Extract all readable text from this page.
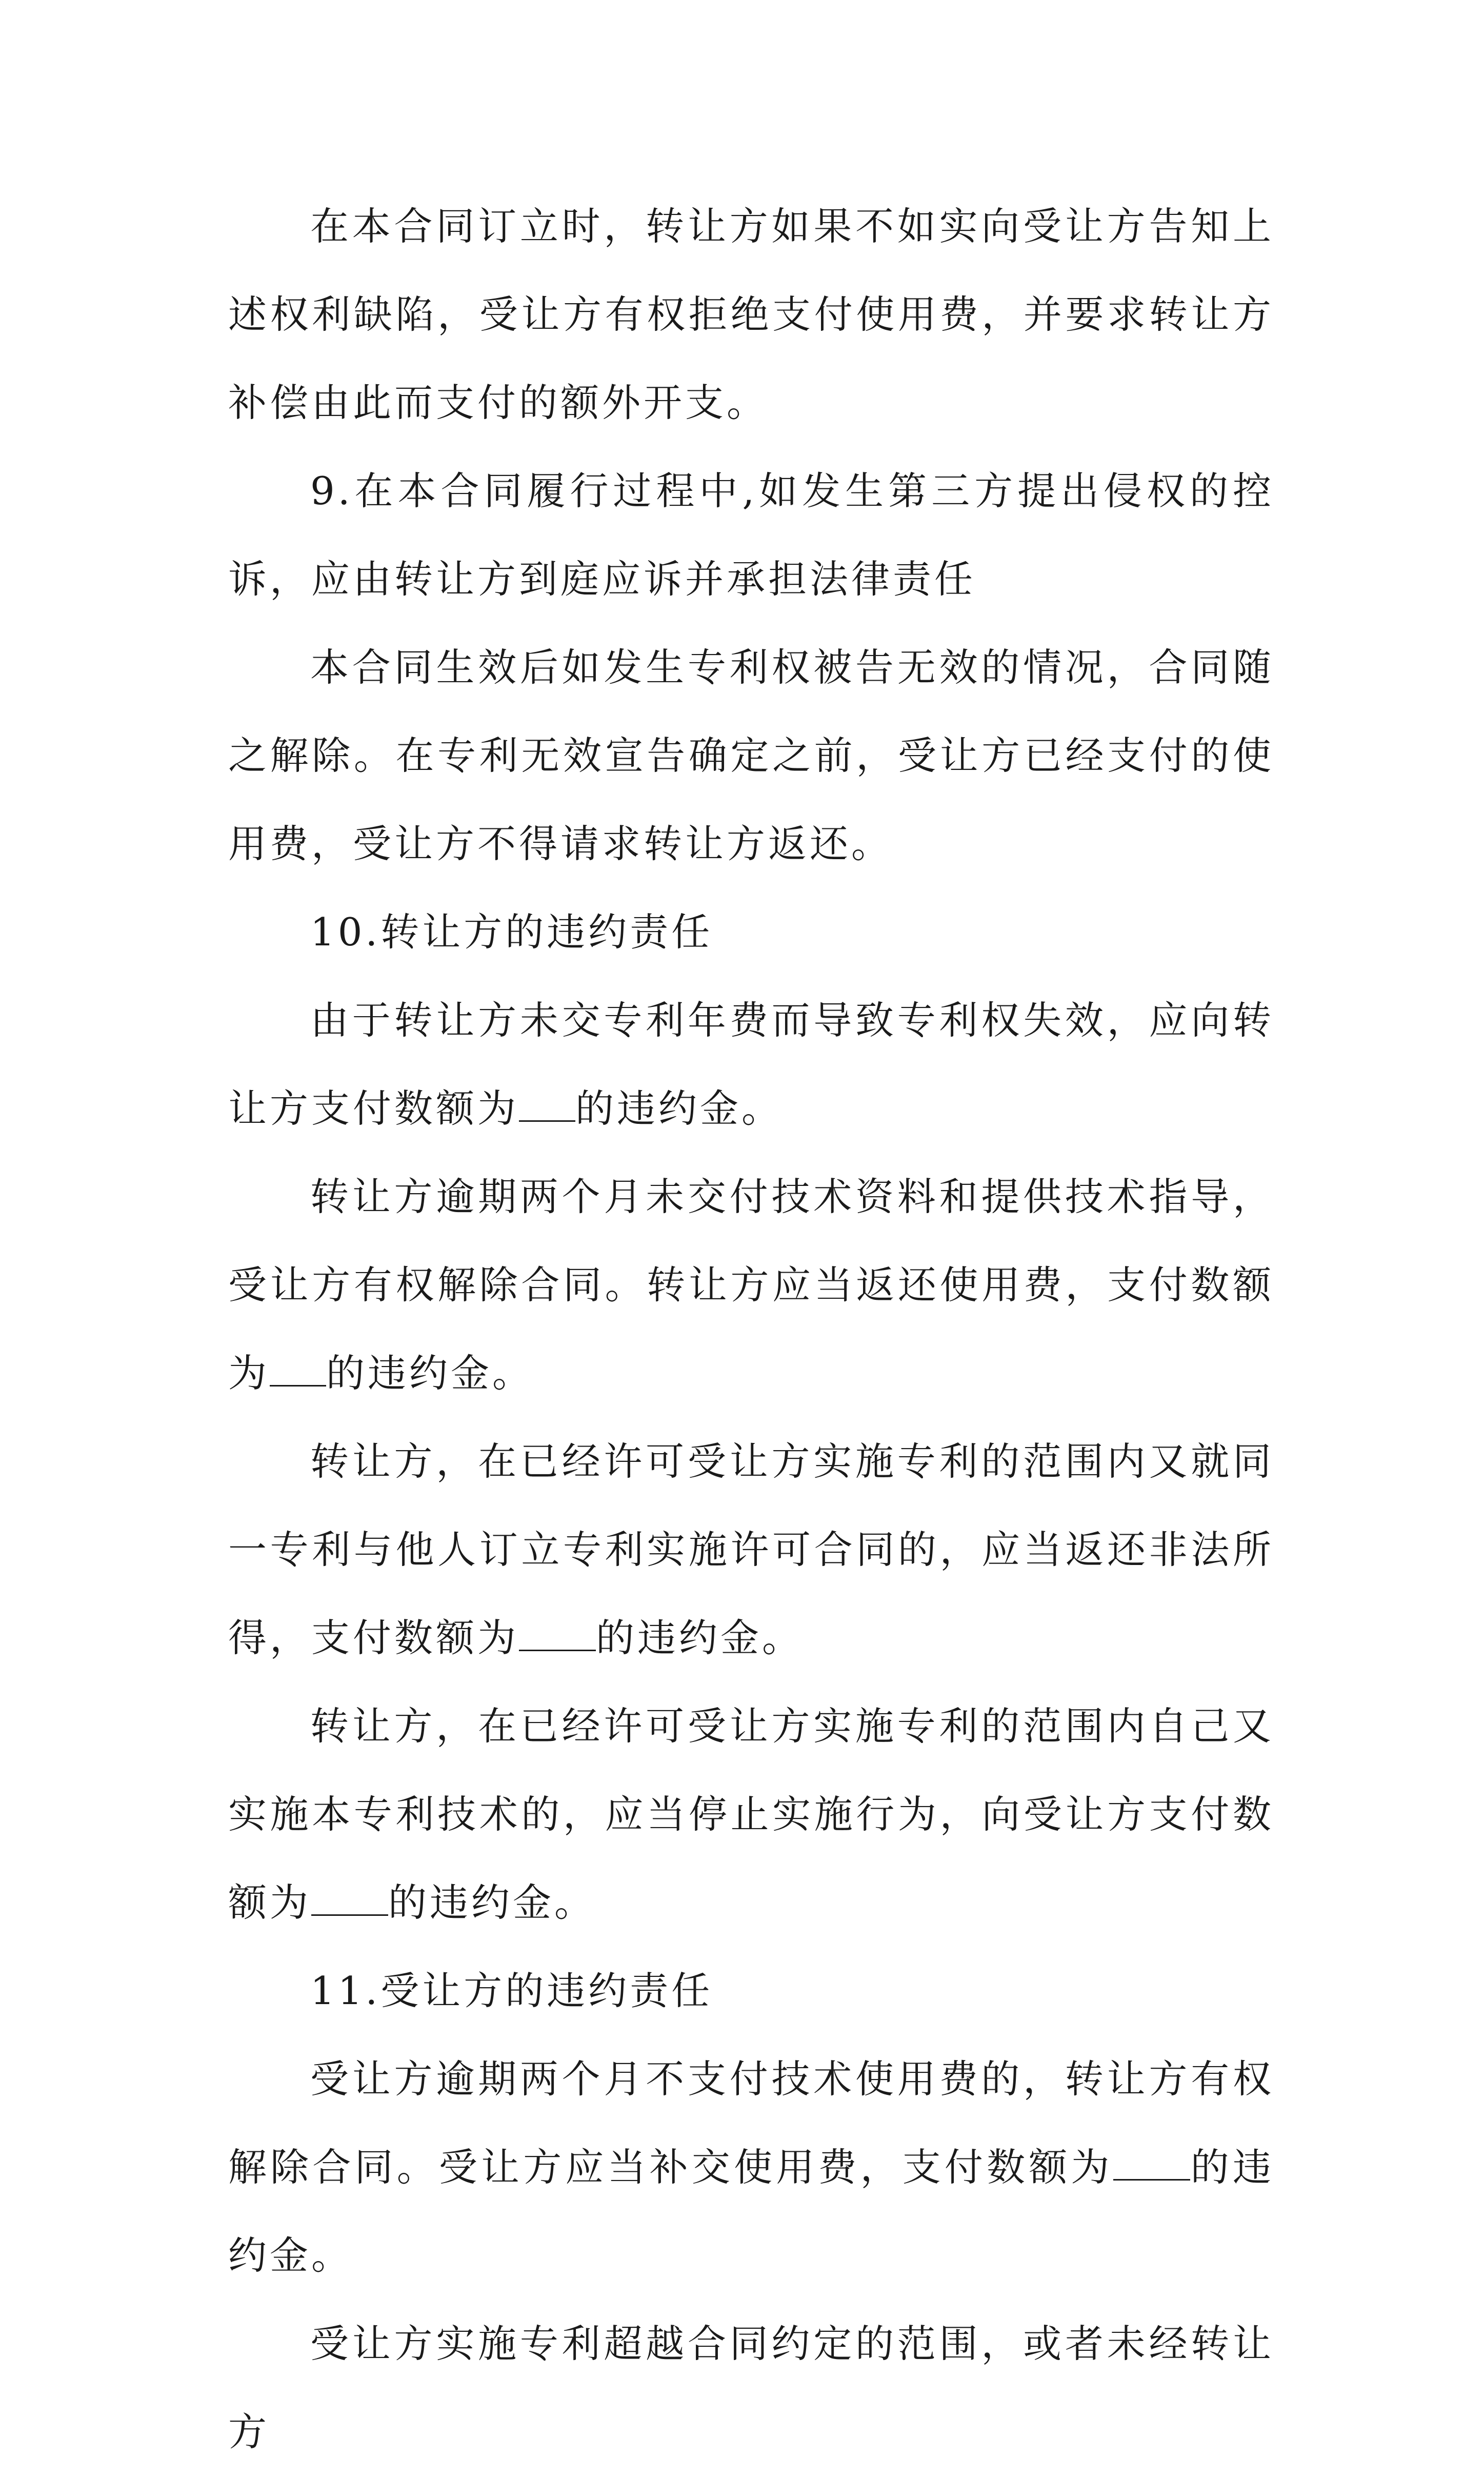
在本合同订立时，转让方如果不如实向受让方告知上述权利缺陷，受让方有权拒绝支付使用费，并要求转让方补偿由此而支付的额外开支。

9.在本合同履行过程中,如发生第三方提出侵权的控诉，应由转让方到庭应诉并承担法律责任

本合同生效后如发生专利权被告无效的情况，合同随之解除。在专利无效宣告确定之前，受让方已经支付的使用费，受让方不得请求转让方返还。

10.转让方的违约责任

由于转让方未交专利年费而导致专利权失效，应向转让方支付数额为 的违约金。

转让方逾期两个月未交付技术资料和提供技术指导，受让方有权解除合同。转让方应当返还使用费，支付数额为 的违约金。

转让方，在已经许可受让方实施专利的范围内又就同一专利与他人订立专利实施许可合同的，应当返还非法所得，支付数额为 的违约金。

转让方，在已经许可受让方实施专利的范围内自己又实施本专利技术的，应当停止实施行为，向受让方支付数额为 的违约金。

11.受让方的违约责任

受让方逾期两个月不支付技术使用费的，转让方有权解除合同。受让方应当补交使用费，支付数额为 的违约金。

受让方实施专利超越合同约定的范围，或者未经转让方
